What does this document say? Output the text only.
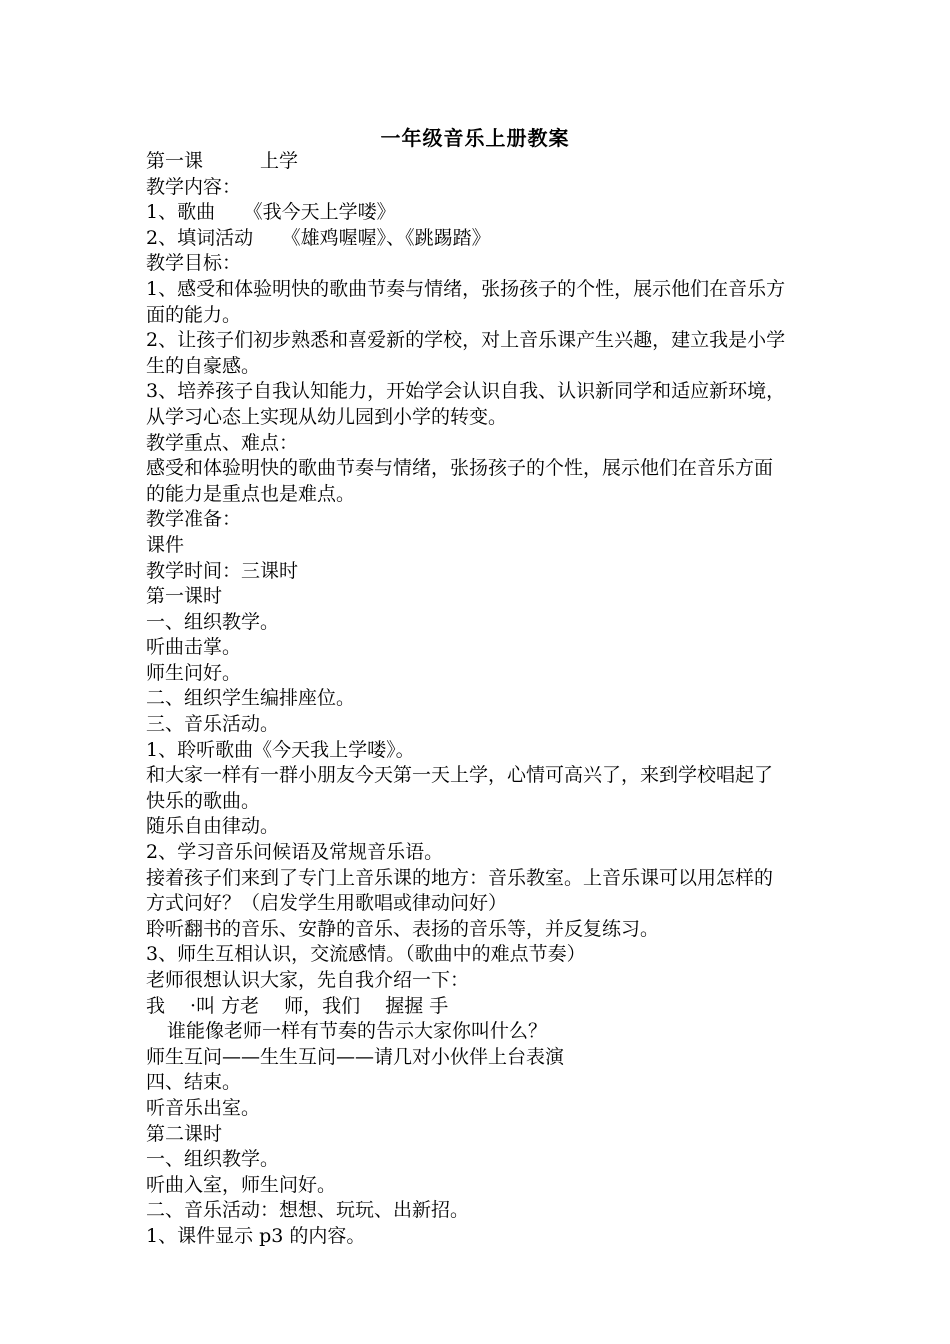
一年级音乐上册教案
第一课　　　上学
教学内容：
1、歌曲　　《我今天上学喽》
2、填词活动　　《雄鸡喔喔》、《跳踢踏》
教学目标：
1、感受和体验明快的歌曲节奏与情绪，张扬孩子的个性，展示他们在音乐方
面的能力。
2、让孩子们初步熟悉和喜爱新的学校，对上音乐课产生兴趣，建立我是小学
生的自豪感。
3、培养孩子自我认知能力，开始学会认识自我、认识新同学和适应新环境，
从学习心态上实现从幼儿园到小学的转变。
教学重点、难点：
感受和体验明快的歌曲节奏与情绪，张扬孩子的个性，展示他们在音乐方面
的能力是重点也是难点。
教学准备：
课件
教学时间：三课时
第一课时
一、组织教学。
听曲击掌。
师生问好。
二、组织学生编排座位。
三、音乐活动。
1、聆听歌曲《今天我上学喽》。
和大家一样有一群小朋友今天第一天上学，心情可高兴了，来到学校唱起了
快乐的歌曲。
随乐自由律动。
2、学习音乐问候语及常规音乐语。
接着孩子们来到了专门上音乐课的地方：音乐教室。上音乐课可以用怎样的
方式问好？（启发学生用歌唱或律动问好）
聆听翻书的音乐、安静的音乐、表扬的音乐等，并反复练习。
3、师生互相认识，交流感情。（歌曲中的难点节奏）
老师很想认识大家，先自我介绍一下：
我　 ·叫 方老　 师，我们　 握握 手
谁能像老师一样有节奏的告示大家你叫什么？
师生互问——生生互问——请几对小伙伴上台表演
四、结束。
听音乐出室。
第二课时
一、组织教学。
听曲入室，师生问好。
二、音乐活动：想想、玩玩、出新招。
1、课件显示 p3 的内容。
